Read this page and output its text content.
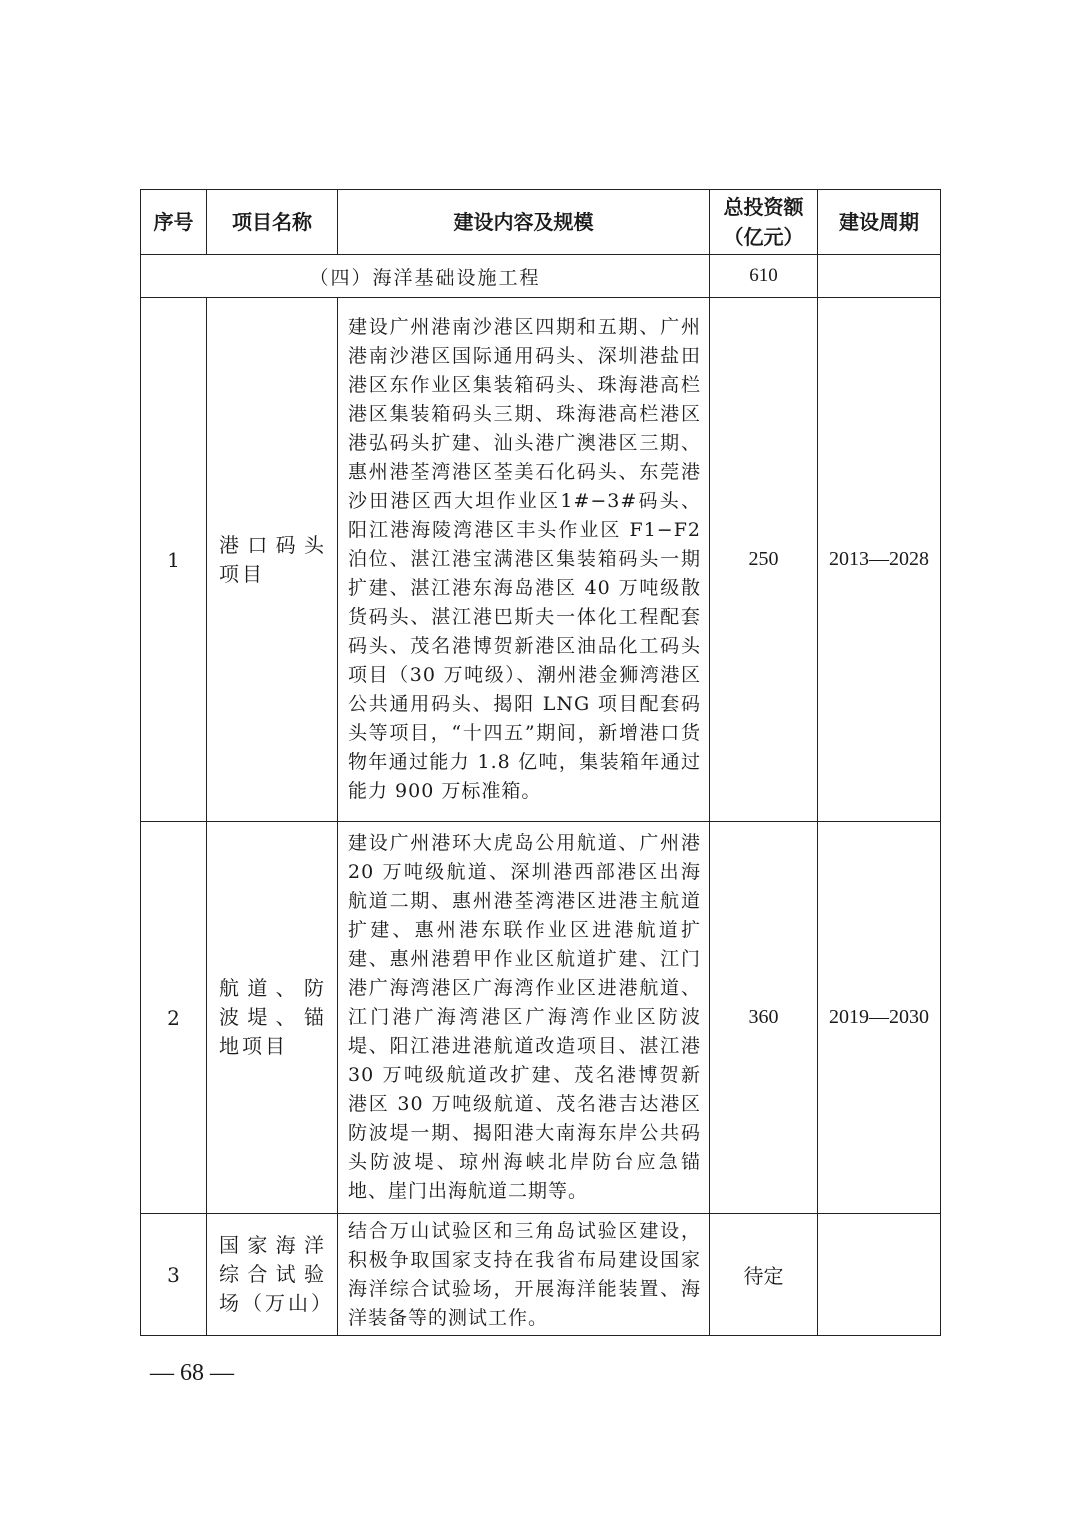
序号	项目名称	建设内容及规模	总投资额（亿元）	建设周期
（四）海洋基础设施工程			610	
1	港口码头项目	建设广州港南沙港区四期和五期、广州港南沙港区国际通用码头、深圳港盐田港区东作业区集装箱码头、珠海港高栏港区集装箱码头三期、珠海港高栏港区港弘码头扩建、汕头港广澳港区三期、惠州港荃湾港区荃美石化码头、东莞港沙田港区西大坦作业区1#−3#码头、阳江港海陵湾港区丰头作业区 F1−F2 泊位、湛江港宝满港区集装箱码头一期扩建、湛江港东海岛港区 40 万吨级散货码头、湛江港巴斯夫一体化工程配套码头、茂名港博贺新港区油品化工码头项目（30 万吨级）、潮州港金狮湾港区公共通用码头、揭阳 LNG 项目配套码头等项目，“十四五”期间，新增港口货物年通过能力 1.8 亿吨，集装箱年通过能力 900 万标准箱。	250	2013—2028
2	航道、防波堤、锚地项目	建设广州港环大虎岛公用航道、广州港 20 万吨级航道、深圳港西部港区出海航道二期、惠州港荃湾港区进港主航道扩建、惠州港东联作业区进港航道扩建、惠州港碧甲作业区航道扩建、江门港广海湾港区广海湾作业区进港航道、江门港广海湾港区广海湾作业区防波堤、阳江港进港航道改造项目、湛江港 30 万吨级航道改扩建、茂名港博贺新港区 30 万吨级航道、茂名港吉达港区防波堤一期、揭阳港大南海东岸公共码头防波堤、琼州海峡北岸防台应急锚地、崖门出海航道二期等。	360	2019—2030
3	国家海洋综合试验场（万山）	结合万山试验区和三角岛试验区建设，积极争取国家支持在我省布局建设国家海洋综合试验场，开展海洋能装置、海洋装备等的测试工作。	待定	
— 68 —
